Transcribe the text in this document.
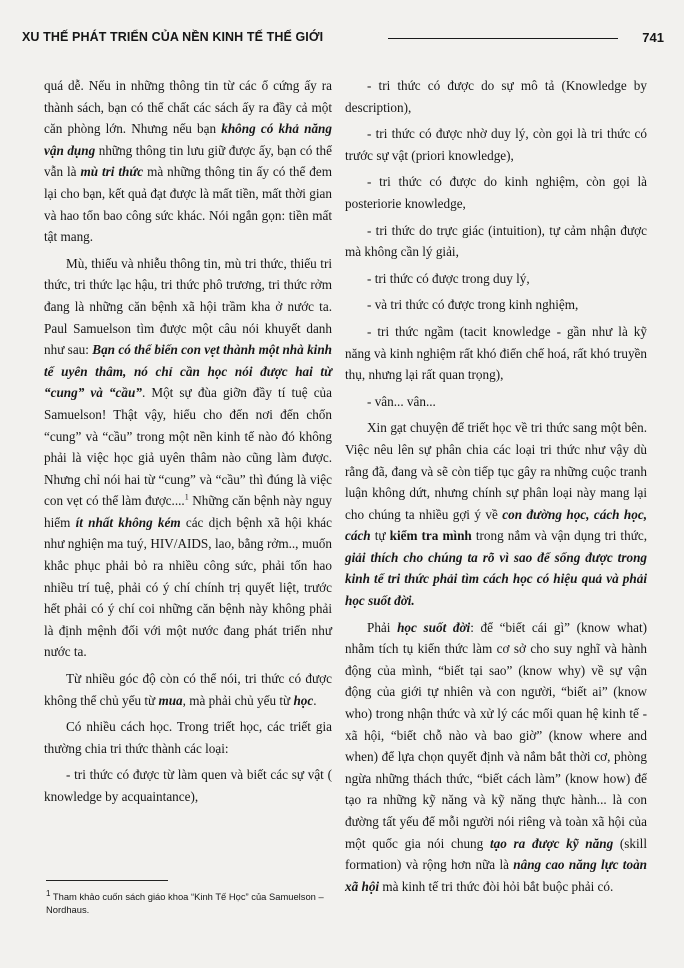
XU THẾ PHÁT TRIỂN CỦA NỀN KINH TẾ THẾ GIỚI	741

quá dễ. Nếu in những thông tin từ các ổ cứng ấy ra thành sách, bạn có thể chất các sách ấy ra đầy cả một căn phòng lớn. Nhưng nếu bạn không có khả năng vận dụng những thông tin lưu giữ được ấy, bạn có thể vẫn là mù tri thức mà những thông tin ấy có thể đem lại cho bạn, kết quả đạt được là mất tiền, mất thời gian và hao tổn bao công sức khác. Nói ngắn gọn: tiền mất tật mang.

Mù, thiếu và nhiễu thông tin, mù tri thức, thiếu tri thức, tri thức lạc hậu, tri thức phô trương, tri thức rởm đang là những căn bệnh xã hội trầm kha ở nước ta. Paul Samuelson tìm được một câu nói khuyết danh như sau: Bạn có thể biến con vẹt thành một nhà kinh tế uyên thâm, nó chỉ cần học nói được hai từ “cung” và “cầu”. Một sự đùa giỡn đầy tí tuệ của Samuelson! Thật vậy, hiểu cho đến nơi đến chốn “cung” và “cầu” trong một nền kinh tế nào đó không phải là việc học giả uyên thâm nào cũng làm được. Nhưng chỉ nói hai từ “cung” và “cầu” thì đúng là việc con vẹt có thể làm được....$^1$ Những căn bệnh này nguy hiểm ít nhất không kém các dịch bệnh xã hội khác như nghiện ma tuý, HIV/AIDS, lao, bằng rởm.., muốn khắc phục phải bỏ ra nhiều công sức, phải tốn hao nhiều trí tuệ, phải có ý chí chính trị quyết liệt, trước hết phải có ý chí coi những căn bệnh này không phải là định mệnh đối với một nước đang phát triển như nước ta.

Từ nhiều góc độ còn có thể nói, tri thức có được không thể chủ yếu từ mua, mà phải chủ yếu từ học.

Có nhiều cách học. Trong triết học, các triết gia thường chia tri thức thành các loại:

- tri thức có được từ làm quen và biết các sự vật ( knowledge by acquaintance),

- tri thức có được do sự mô tả (Knowledge by description),

- tri thức có được nhờ duy lý, còn gọi là tri thức có trước sự vật (priori knowledge),

- tri thức có được do kinh nghiệm, còn gọi là posteriorie knowledge,

- tri thức do trực giác (intuition), tự cảm nhận được mà không cần lý giải,

- tri thức có được trong duy lý,

- và tri thức có được trong kinh nghiệm,

- tri thức ngầm (tacit knowledge - gần như là kỹ năng và kinh nghiệm rất khó điển chế hoá, rất khó truyền thụ, nhưng lại rất quan trọng),

- vân... vân...

Xin gạt chuyện để triết học về tri thức sang một bên. Việc nêu lên sự phân chia các loại tri thức như vậy dù rằng đã, đang và sẽ còn tiếp tục gây ra những cuộc tranh luận không dứt, nhưng chính sự phân loại này mang lại cho chúng ta nhiều gợi ý về con đường học, cách học, cách tự kiểm tra mình trong nắm và vận dụng tri thức, giải thích cho chúng ta rõ vì sao để sống được trong kinh tế tri thức phải tìm cách học có hiệu quả và phải học suốt đời.

Phải học suốt đời: để “biết cái gì” (know what) nhằm tích tụ kiến thức làm cơ sở cho suy nghĩ và hành động của mình, “biết tại sao” (know why) về sự vận động của giới tự nhiên và con người, “biết ai” (know who) trong nhận thức và xử lý các mối quan hệ kinh tế - xã hội, “biết chỗ nào và bao giờ” (know where and when) để lựa chọn quyết định và nắm bắt thời cơ, phòng ngừa những thách thức, “biết cách làm” (know how) để tạo ra những kỹ năng và kỹ năng thực hành... là con đường tất yếu để mỗi người nói riêng và toàn xã hội của một quốc gia nói chung tạo ra được kỹ năng (skill formation) và rộng hơn nữa là nâng cao năng lực toàn xã hội mà kinh tế tri thức đòi hỏi bắt buộc phải có.

$^1$ Tham khảo cuốn sách giáo khoa “Kinh Tế Học” của Samuelson – Nordhaus.
